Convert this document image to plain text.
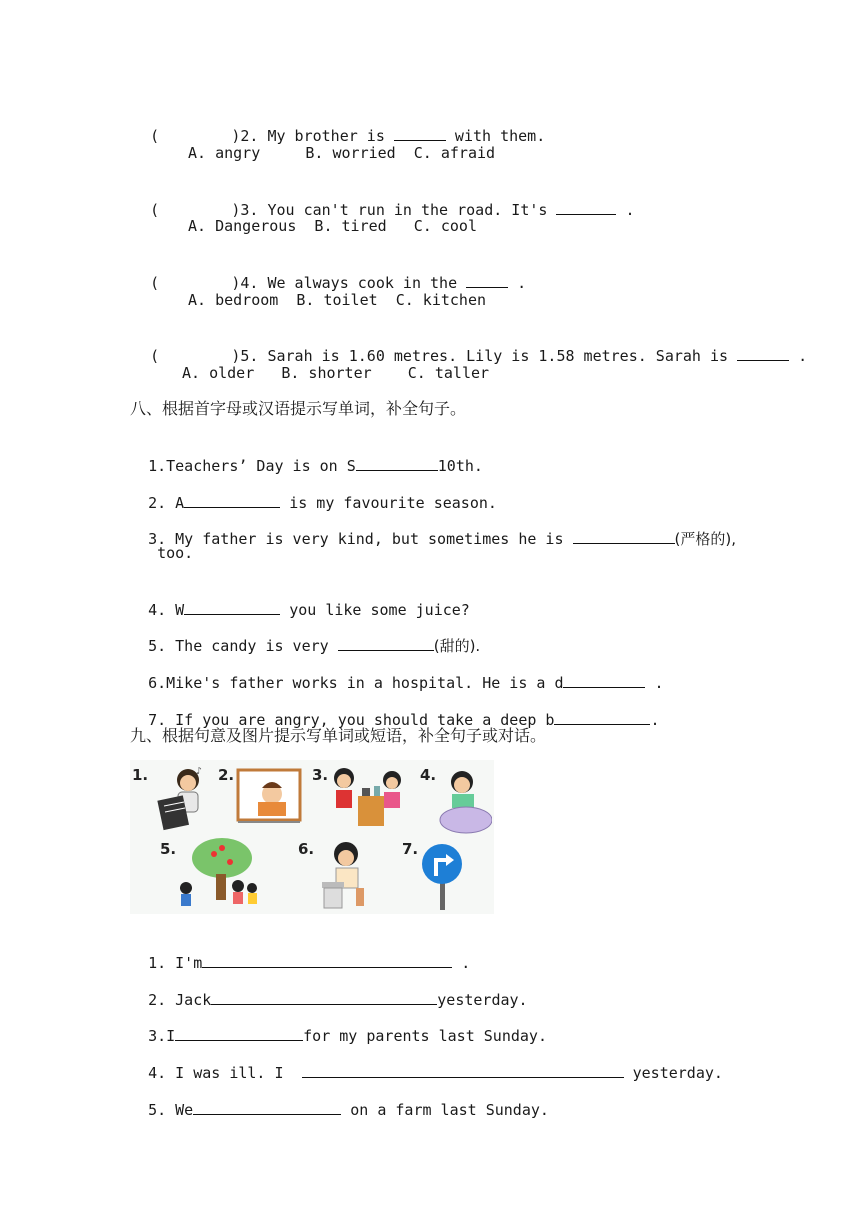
(        )2. My brother is	with them.

A. angry     B. worried  C. afraid

(        )3. You can't run in the road. It's	.

A. Dangerous  B. tired   C. cool

(        )4. We always cook in the	.

A. bedroom  B. toilet  C. kitchen

(        )5. Sarah is 1.60 metres. Lily is 1.58 metres. Sarah is	.

A. older   B. shorter    C. taller
八、根据首字母或汉语提示写单词，补全句子。

1.Teachers’ Day is on S	10th.

2. A	is my favourite season.

3. My father is very kind, but sometimes he is	(严格的),

too.

4. W	you like some juice?

5. The candy is very	(甜的).

6.Mike's father works in a hospital. He is a d	.

7. If you are angry, you should take a deep b	.

九、根据句意及图片提示写单词或短语，补全句子或对话。
1.	2.	3.	4.
5.	6.	7.
♪

1. I'm	.

2. Jack	yesterday.

3.I	for my parents last Sunday.

4. I was ill. I	yesterday.

5. We	on a farm last Sunday.
